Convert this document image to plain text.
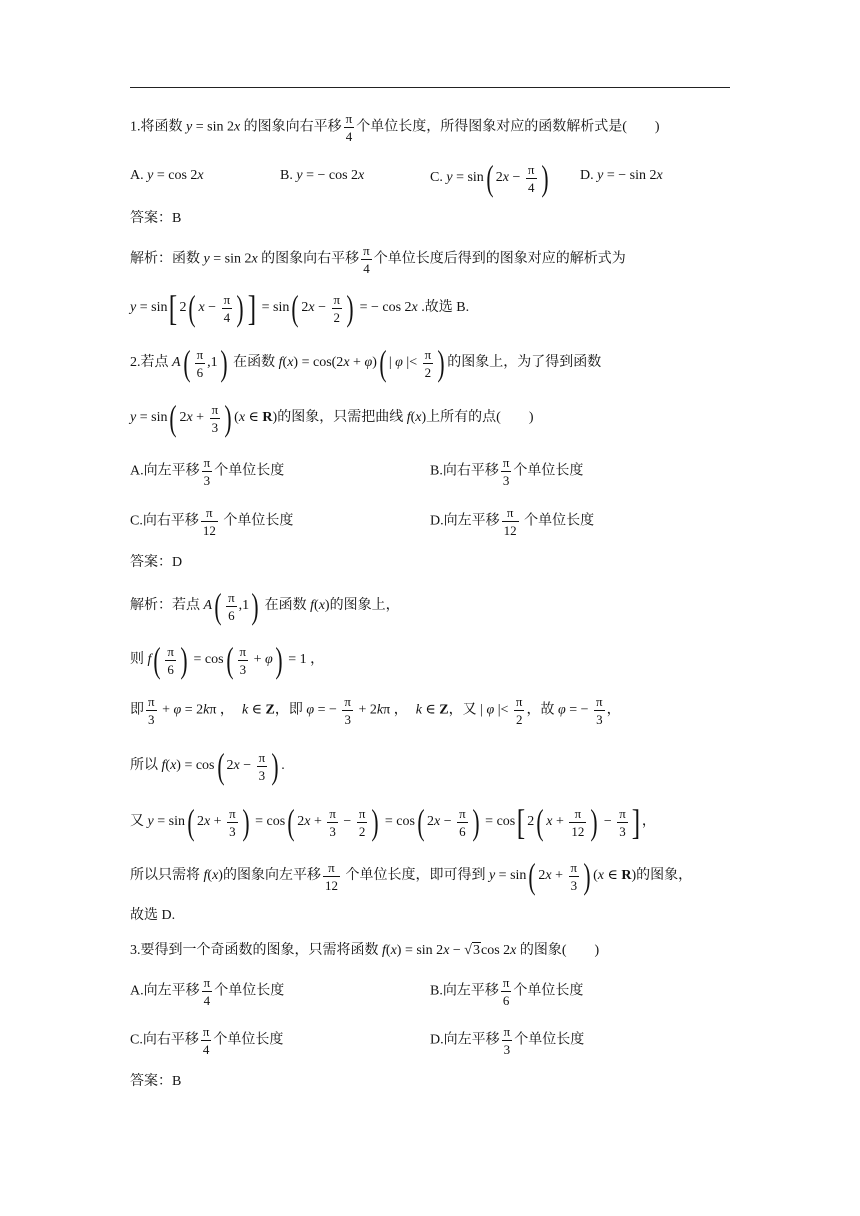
1.将函数 y = sin 2x 的图象向右平移 $\frac{\pi}{4}$ 个单位长度，所得图象对应的函数解析式是(　　)
A. y = cos 2x	B. y = − cos 2x	C. y = sin( $2x - \frac{\pi}{4}$ ) D. y = − sin 2x
答案：B
解析：函数 y = sin 2x 的图象向右平移 $\frac{\pi}{4}$ 个单位长度后得到的图象对应的解析式为
y = sin[ 2( $x - \frac{\pi}{4}$ ) ] = sin( $2x - \frac{\pi}{2}$ ) = − cos 2x .故选 B.
2.若点 $A( \frac{\pi}{6} ,1)$ 在函数 f(x) = cos(2x + φ)( | φ |< $\frac{\pi}{2}$ ) 的图象上，为了得到函数
y = sin( $2x + \frac{\pi}{3}$ ) (x ∈ R)的图象，只需把曲线 f(x)上所有的点(　　)
A.向左平移 $\frac{\pi}{3}$ 个单位长度	B.向右平移 $\frac{\pi}{3}$ 个单位长度
C.向右平移 $\frac{\pi}{12}$ 个单位长度	D.向左平移 $\frac{\pi}{12}$ 个单位长度
答案：D
解析：若点 $A( \frac{\pi}{6} ,1)$ 在函数 f(x)的图象上，
则 $f( \frac{\pi}{6}$ ) = $\cos( \frac{\pi}{3} + \varphi) = 1$ ，
即 $\frac{\pi}{3} + \varphi = 2k\pi$ ， k ∈ Z，即 φ = − $\frac{\pi}{3} + 2k\pi$ ， k ∈ Z，又 | φ |< $\frac{\pi}{2}$ ，故 φ = − $\frac{\pi}{3}$ ，
所以 f(x) = cos( $2x - \frac{\pi}{3}$ ) .
又 y = sin( $2x + \frac{\pi}{3}$ ) = cos( $2x + \frac{\pi}{3} - \frac{\pi}{2}$ ) = cos( $2x - \frac{\pi}{6}$ ) = cos[ 2( $x + \frac{\pi}{12}$ ) − $\frac{\pi}{3}$ ] ，
所以只需将 f(x)的图象向左平移 $\frac{\pi}{12}$ 个单位长度，即可得到 y = sin( $2x + \frac{\pi}{3}$ ) (x ∈ R)的图象，
故选 D.
3.要得到一个奇函数的图象，只需将函数 f(x) = sin 2x − √3cos 2x 的图象(　　)
A.向左平移 $\frac{\pi}{4}$ 个单位长度	B.向左平移 $\frac{\pi}{6}$ 个单位长度
C.向右平移 $\frac{\pi}{4}$ 个单位长度	D.向左平移 $\frac{\pi}{3}$ 个单位长度
答案：B
